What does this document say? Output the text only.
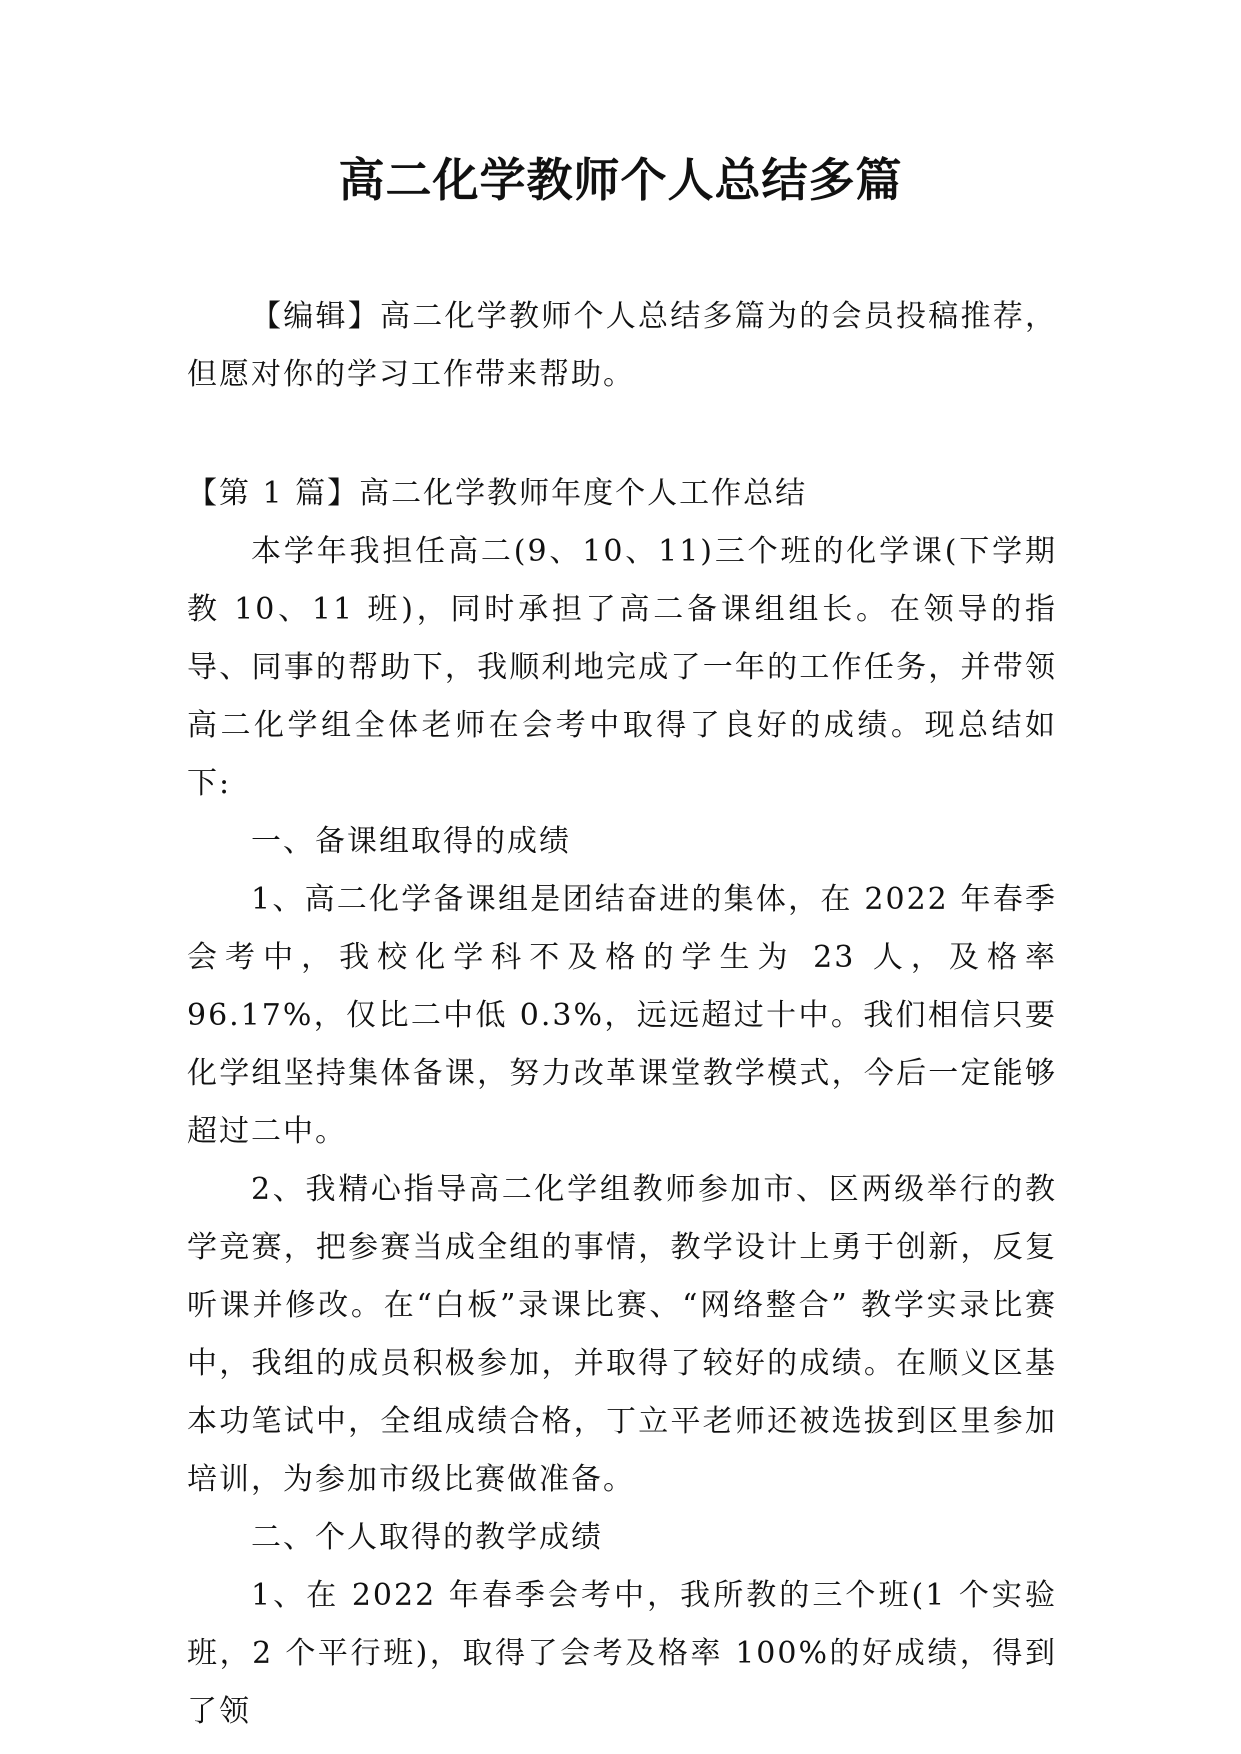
高二化学教师个人总结多篇

【编辑】高二化学教师个人总结多篇为的会员投稿推荐，但愿对你的学习工作带来帮助。

【第 1 篇】高二化学教师年度个人工作总结

本学年我担任高二(9、10、11)三个班的化学课(下学期教 10、11 班)，同时承担了高二备课组组长。在领导的指导、同事的帮助下，我顺利地完成了一年的工作任务，并带领高二化学组全体老师在会考中取得了良好的成绩。现总结如下:

一、备课组取得的成绩

1、高二化学备课组是团结奋进的集体，在 2022 年春季会考中，我校化学科不及格的学生为 23 人，及格率 96.17%，仅比二中低 0.3%，远远超过十中。我们相信只要化学组坚持集体备课，努力改革课堂教学模式，今后一定能够超过二中。

2、我精心指导高二化学组教师参加市、区两级举行的教学竞赛，把参赛当成全组的事情，教学设计上勇于创新，反复听课并修改。在“白板”录课比赛、“网络整合” 教学实录比赛中，我组的成员积极参加，并取得了较好的成绩。在顺义区基本功笔试中，全组成绩合格，丁立平老师还被选拔到区里参加培训，为参加市级比赛做准备。

二、个人取得的教学成绩

1、在 2022 年春季会考中，我所教的三个班(1 个实验班，2 个平行班)，取得了会考及格率 100%的好成绩，得到了领
